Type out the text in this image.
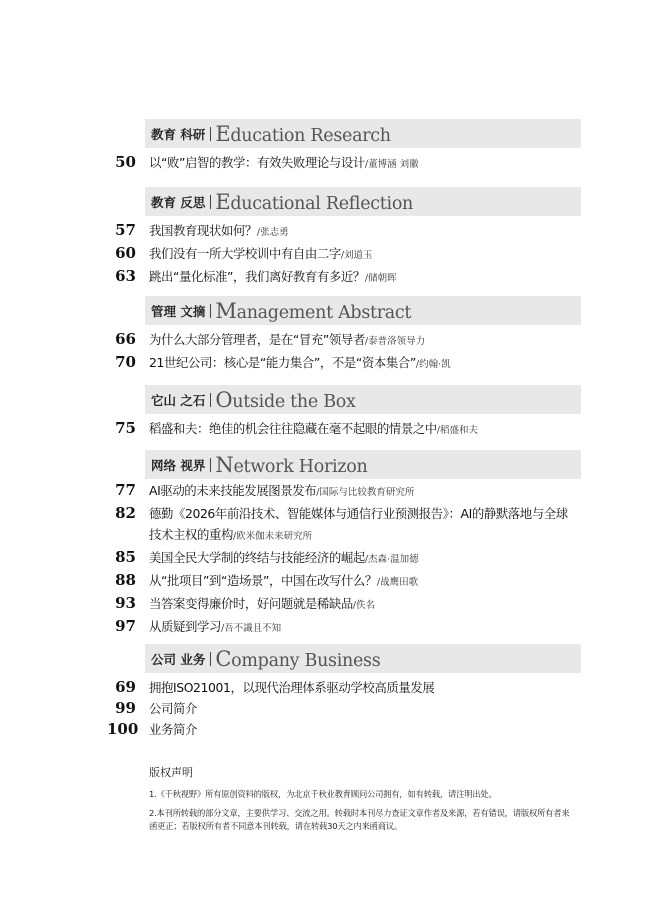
教育 科研 Education Research
50 以“败”启智的教学：有效失败理论与设计/董博涵 刘徽
教育 反思 Educational Reflection
57 我国教育现状如何？/张志勇
60 我们没有一所大学校训中有自由二字/刘道玉
63 跳出“量化标准”，我们离好教育有多近？/储朝晖
管理 文摘 Management Abstract
66 为什么大部分管理者，是在“冒充”领导者/泰普洛领导力
70 21世纪公司：核心是“能力集合”，不是“资本集合”/约翰·凯
它山 之石 Outside the Box
75 稻盛和夫：绝佳的机会往往隐藏在毫不起眼的情景之中/稻盛和夫
网络 视界 Network Horizon
77 AI驱动的未来技能发展图景发布/国际与比较教育研究所
82 德勤《2026年前沿技术、智能媒体与通信行业预测报告》：AI的静默落地与全球技术主权的重构/欧米伽未来研究所
85 美国全民大学制的终结与技能经济的崛起/杰森·温加德
88 从“批项目”到“造场景”，中国在改写什么？/战鹰田歌
93 当答案变得廉价时，好问题就是稀缺品/佚名
97 从质疑到学习/吾不識且不知
公司 业务 Company Business
69 拥抱ISO21001，以现代治理体系驱动学校高质量发展
99 公司简介
100 业务简介
版权声明
1.《千秋视野》所有原创资料的版权，为北京千秋业教育顾问公司拥有，如有转载，请注明出处。
2.本刊所转载的部分文章，主要供学习、交流之用。转载时本刊尽力查证文章作者及来源，若有错误，请版权所有者来函更正；若版权所有者不同意本刊转载，请在转载30天之内来函商议。
